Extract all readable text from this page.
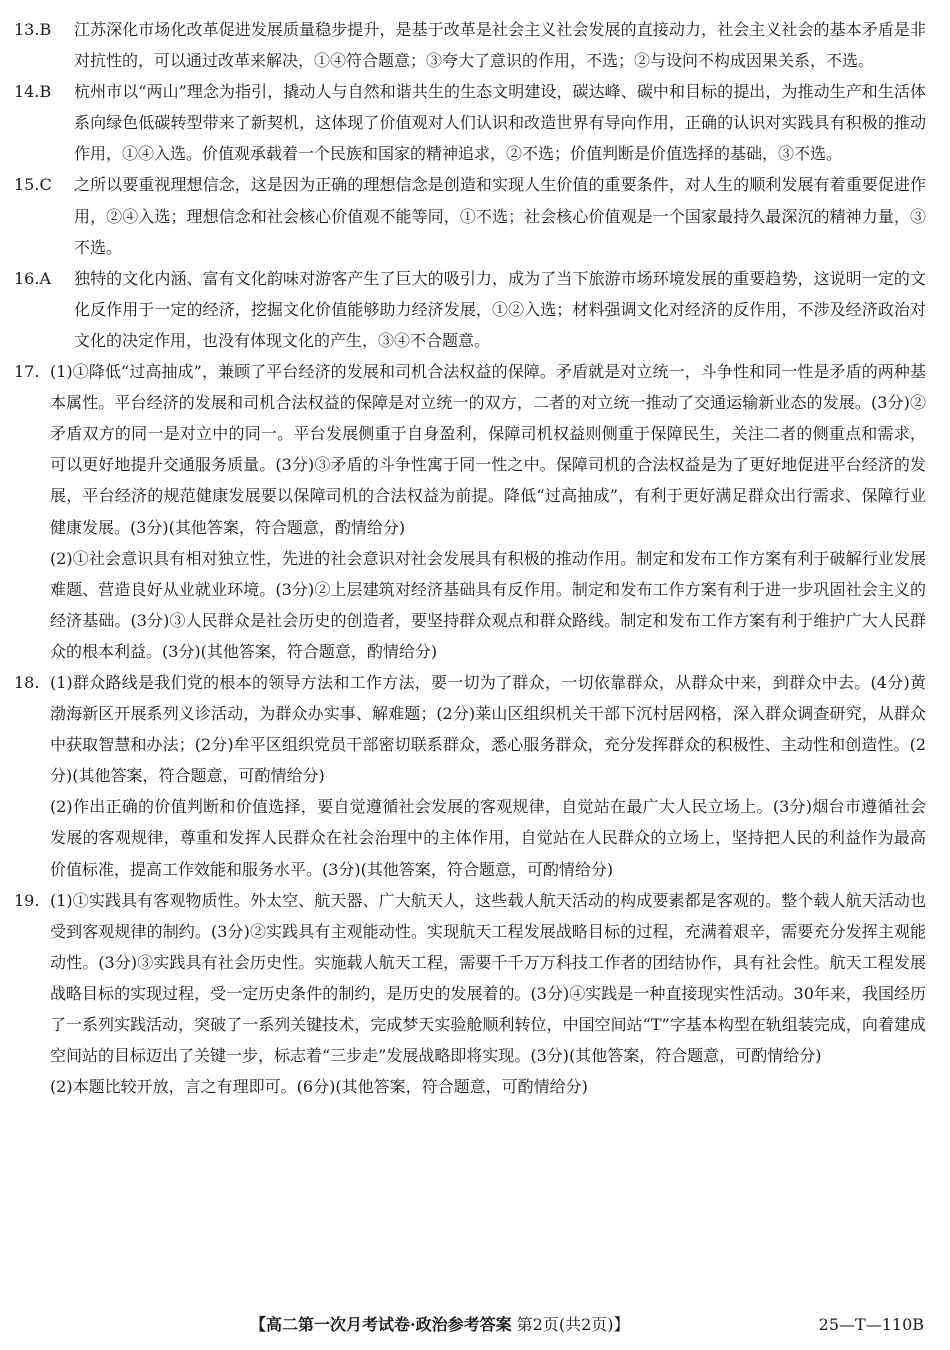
13.B	江苏深化市场化改革促进发展质量稳步提升，是基于改革是社会主义社会发展的直接动力，社会主义社会的基本矛盾是非对抗性的，可以通过改革来解决，①④符合题意；③夸大了意识的作用，不选；②与设问不构成因果关系，不选。

14.B	杭州市以“两山”理念为指引，撬动人与自然和谐共生的生态文明建设，碳达峰、碳中和目标的提出，为推动生产和生活体系向绿色低碳转型带来了新契机，这体现了价值观对人们认识和改造世界有导向作用，正确的认识对实践具有积极的推动作用，①④入选。价值观承载着一个民族和国家的精神追求，②不选；价值判断是价值选择的基础，③不选。

15.C	之所以要重视理想信念，这是因为正确的理想信念是创造和实现人生价值的重要条件，对人生的顺利发展有着重要促进作用，②④入选；理想信念和社会核心价值观不能等同，①不选；社会核心价值观是一个国家最持久最深沉的精神力量，③不选。

16.A	独特的文化内涵、富有文化韵味对游客产生了巨大的吸引力，成为了当下旅游市场环境发展的重要趋势，这说明一定的文化反作用于一定的经济，挖掘文化价值能够助力经济发展，①②入选；材料强调文化对经济的反作用，不涉及经济政治对文化的决定作用，也没有体现文化的产生，③④不合题意。

17. (1)①降低“过高抽成”，兼顾了平台经济的发展和司机合法权益的保障。矛盾就是对立统一，斗争性和同一性是矛盾的两种基本属性。平台经济的发展和司机合法权益的保障是对立统一的双方，二者的对立统一推动了交通运输新业态的发展。(3分)②矛盾双方的同一是对立中的同一。平台发展侧重于自身盈利，保障司机权益则侧重于保障民生，关注二者的侧重点和需求，可以更好地提升交通服务质量。(3分)③矛盾的斗争性寓于同一性之中。保障司机的合法权益是为了更好地促进平台经济的发展，平台经济的规范健康发展要以保障司机的合法权益为前提。降低“过高抽成”，有利于更好满足群众出行需求、保障行业健康发展。(3分)(其他答案，符合题意，酌情给分)

(2)①社会意识具有相对独立性，先进的社会意识对社会发展具有积极的推动作用。制定和发布工作方案有利于破解行业发展难题、营造良好从业就业环境。(3分)②上层建筑对经济基础具有反作用。制定和发布工作方案有利于进一步巩固社会主义的经济基础。(3分)③人民群众是社会历史的创造者，要坚持群众观点和群众路线。制定和发布工作方案有利于维护广大人民群众的根本利益。(3分)(其他答案，符合题意，酌情给分)

18. (1)群众路线是我们党的根本的领导方法和工作方法，要一切为了群众，一切依靠群众，从群众中来，到群众中去。(4分)黄渤海新区开展系列义诊活动，为群众办实事、解难题；(2分)莱山区组织机关干部下沉村居网格，深入群众调查研究，从群众中获取智慧和办法；(2分)牟平区组织党员干部密切联系群众，悉心服务群众，充分发挥群众的积极性、主动性和创造性。(2分)(其他答案，符合题意，可酌情给分)

(2)作出正确的价值判断和价值选择，要自觉遵循社会发展的客观规律，自觉站在最广大人民立场上。(3分)烟台市遵循社会发展的客观规律，尊重和发挥人民群众在社会治理中的主体作用，自觉站在人民群众的立场上，坚持把人民的利益作为最高价值标准，提高工作效能和服务水平。(3分)(其他答案，符合题意，可酌情给分)

19. (1)①实践具有客观物质性。外太空、航天器、广大航天人，这些载人航天活动的构成要素都是客观的。整个载人航天活动也受到客观规律的制约。(3分)②实践具有主观能动性。实现航天工程发展战略目标的过程，充满着艰辛，需要充分发挥主观能动性。(3分)③实践具有社会历史性。实施载人航天工程，需要千千万万科技工作者的团结协作，具有社会性。航天工程发展战略目标的实现过程，受一定历史条件的制约，是历史的发展着的。(3分)④实践是一种直接现实性活动。30年来，我国经历了一系列实践活动，突破了一系列关键技术，完成梦天实验舱顺利转位，中国空间站“T”字基本构型在轨组装完成，向着建成空间站的目标迈出了关键一步，标志着“三步走”发展战略即将实现。(3分)(其他答案，符合题意，可酌情给分)

(2)本题比较开放，言之有理即可。(6分)(其他答案，符合题意，可酌情给分)

【高二第一次月考试卷·政治参考答案 第2页(共2页)】	25—T—110B
